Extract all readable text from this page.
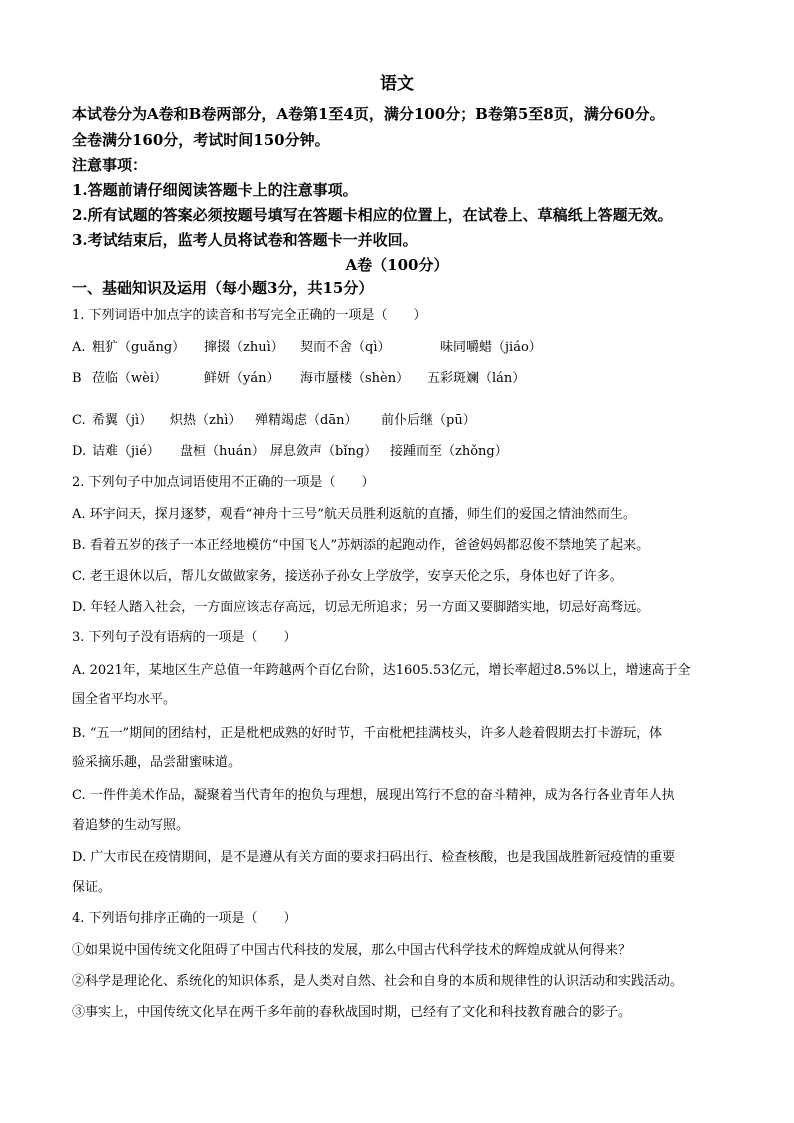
语文
本试卷分为A卷和B卷两部分，A卷第1至4页，满分100分；B卷第5至8页，满分60分。
全卷满分160分，考试时间150分钟。
注意事项：
1.答题前请仔细阅读答题卡上的注意事项。
2.所有试题的答案必须按题号填写在答题卡相应的位置上，在试卷上、草稿纸上答题无效。
3.考试结束后，监考人员将试卷和答题卡一并收回。
A卷（100分）
一、基础知识及运用（每小题3分，共15分）
1. 下列词语中加点字的读音和书写完全正确的一项是（　　）
A. 粗犷（guǎng） 撺掇（zhuì） 契而不舍（qì）	味同嚼蜡（jiáo）
B 莅临（wèi）	鲜妍（yán） 海市蜃楼（shèn） 五彩斑斓（lán）
C. 希翼（jì） 炽热（zhì） 殚精竭虑（dān） 前仆后继（pū）
D. 诘难（jié） 盘桓（huán） 屏息敛声（bǐng） 接踵而至（zhǒng）
2. 下列句子中加点词语使用不正确的一项是（　　）
A. 环宇问天，探月逐梦，观看“神舟十三号”航天员胜利返航的直播，师生们的爱国之情油然而生。
B. 看着五岁的孩子一本正经地模仿“中国飞人”苏炳添的起跑动作，爸爸妈妈都忍俊不禁地笑了起来。
C. 老王退休以后，帮儿女做做家务，接送孙子孙女上学放学，安享天伦之乐，身体也好了许多。
D. 年轻人踏入社会，一方面应该志存高远，切忌无所追求；另一方面又要脚踏实地，切忌好高骛远。
3. 下列句子没有语病的一项是（　　）
A. 2021年，某地区生产总值一年跨越两个百亿台阶，达1605.53亿元，增长率超过8.5%以上，增速高于全
国全省平均水平。
B. “五一”期间的团结村，正是枇杷成熟的好时节，千亩枇杷挂满枝头，许多人趁着假期去打卡游玩，体
验采摘乐趣，品尝甜蜜味道。
C. 一件件美术作品，凝聚着当代青年的抱负与理想，展现出笃行不怠的奋斗精神，成为各行各业青年人执
着追梦的生动写照。
D. 广大市民在疫情期间，是不是遵从有关方面的要求扫码出行、检查核酸，也是我国战胜新冠疫情的重要
保证。
4. 下列语句排序正确的一项是（　　）
①如果说中国传统文化阻碍了中国古代科技的发展，那么中国古代科学技术的辉煌成就从何得来？
②科学是理论化、系统化的知识体系，是人类对自然、社会和自身的本质和规律性的认识活动和实践活动。
③事实上，中国传统文化早在两千多年前的春秋战国时期，已经有了文化和科技教育融合的影子。
